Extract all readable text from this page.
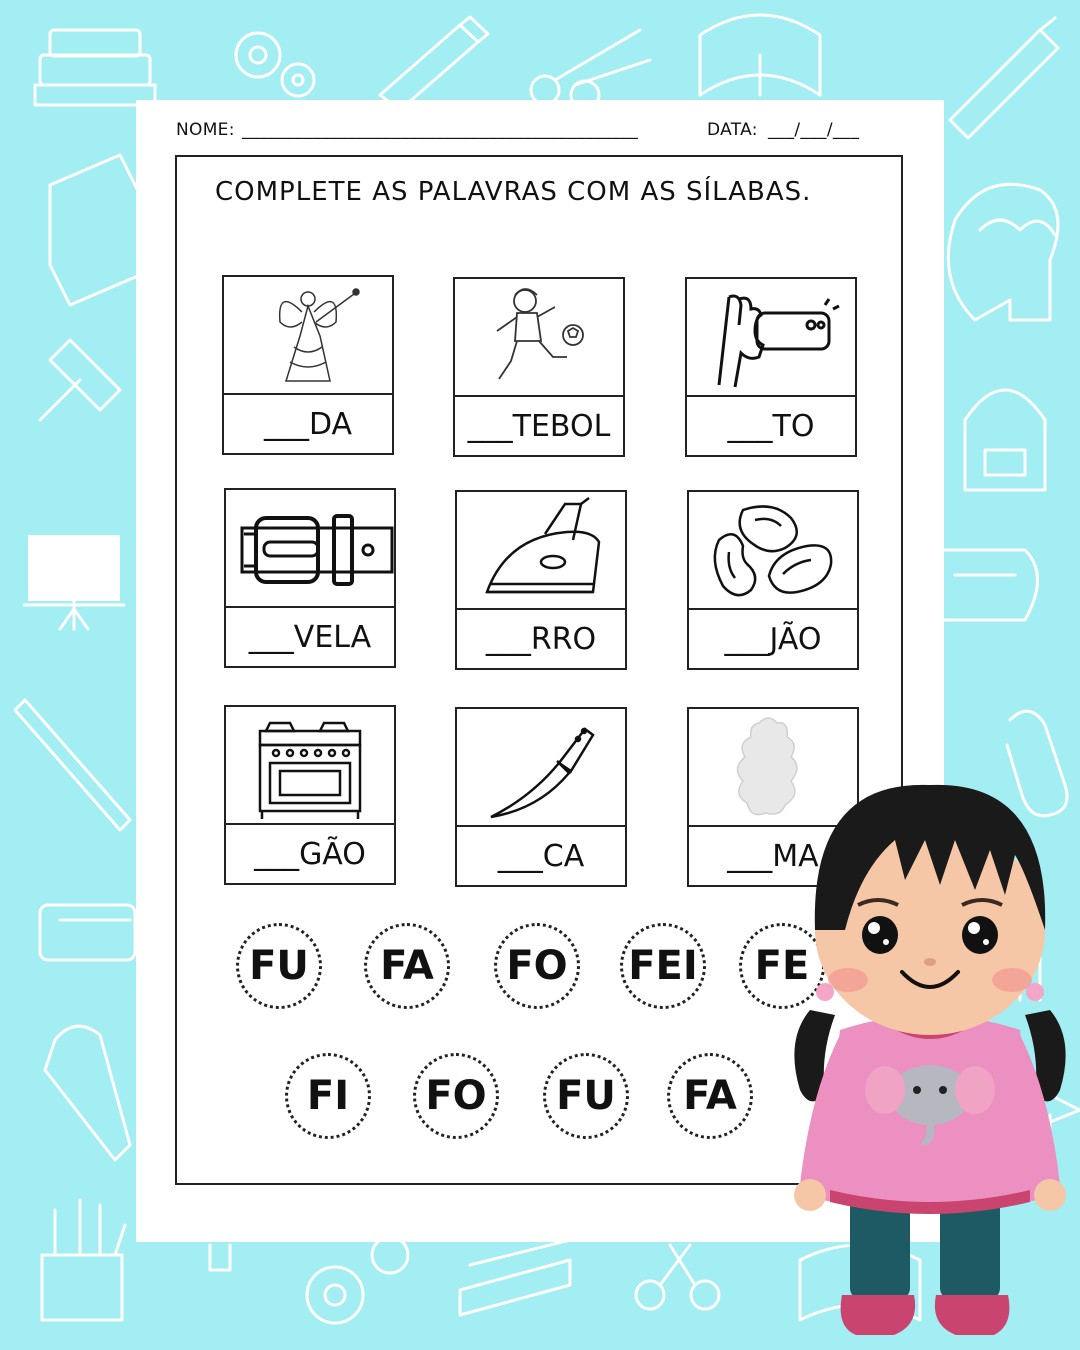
NOME: _____________________________________________	DATA: ___/___/___
COMPLETE AS PALAVRAS COM AS SÍLABAS.
___DA	___TEBOL	___TO
___VELA	___RRO	___JÃO
___GÃO	___CA	___MA
FU	FA	FO	FEI	FE
FI	FO	FU	FA
